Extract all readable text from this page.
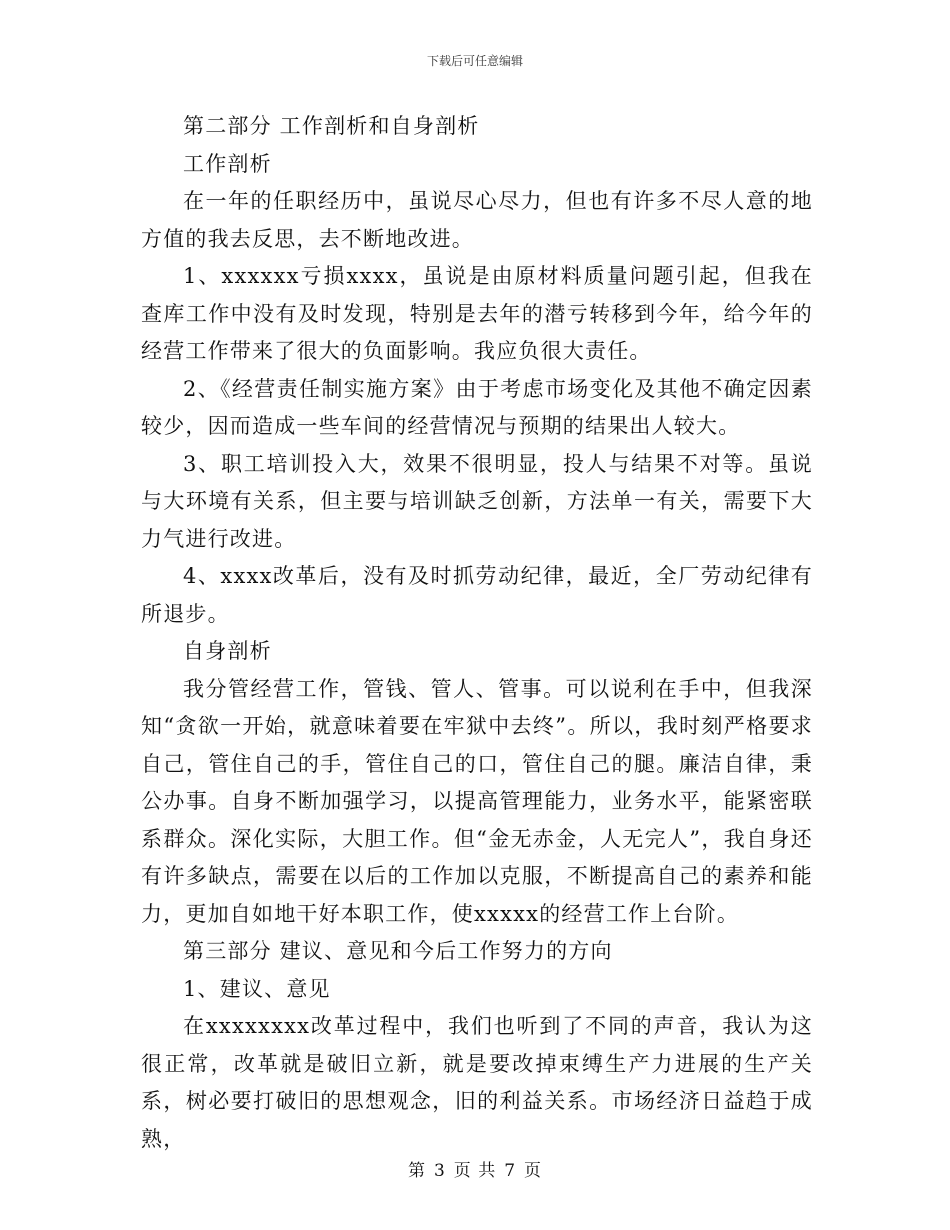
下载后可任意编辑

第二部分 工作剖析和自身剖析

工作剖析

在一年的任职经历中，虽说尽心尽力，但也有许多不尽人意的地方值的我去反思，去不断地改进。

1、xxxxxx亏损xxxx，虽说是由原材料质量问题引起，但我在查库工作中没有及时发现，特别是去年的潜亏转移到今年，给今年的经营工作带来了很大的负面影响。我应负很大责任。

2、《经营责任制实施方案》由于考虑市场变化及其他不确定因素较少，因而造成一些车间的经营情况与预期的结果出人较大。

3、职工培训投入大，效果不很明显，投人与结果不对等。虽说与大环境有关系，但主要与培训缺乏创新，方法单一有关，需要下大力气进行改进。

4、xxxx改革后，没有及时抓劳动纪律，最近，全厂劳动纪律有所退步。

自身剖析

我分管经营工作，管钱、管人、管事。可以说利在手中，但我深知“贪欲一开始，就意味着要在牢狱中去终”。所以，我时刻严格要求自己，管住自己的手，管住自己的口，管住自己的腿。廉洁自律，秉公办事。自身不断加强学习，以提高管理能力，业务水平，能紧密联系群众。深化实际，大胆工作。但“金无赤金，人无完人”，我自身还有许多缺点，需要在以后的工作加以克服，不断提高自己的素养和能力，更加自如地干好本职工作，使xxxxx的经营工作上台阶。

第三部分 建议、意见和今后工作努力的方向

1、建议、意见

在xxxxxxxx改革过程中，我们也听到了不同的声音，我认为这很正常，改革就是破旧立新，就是要改掉束缚生产力进展的生产关系，树必要打破旧的思想观念，旧的利益关系。市场经济日益趋于成熟，

第 3 页 共 7 页
